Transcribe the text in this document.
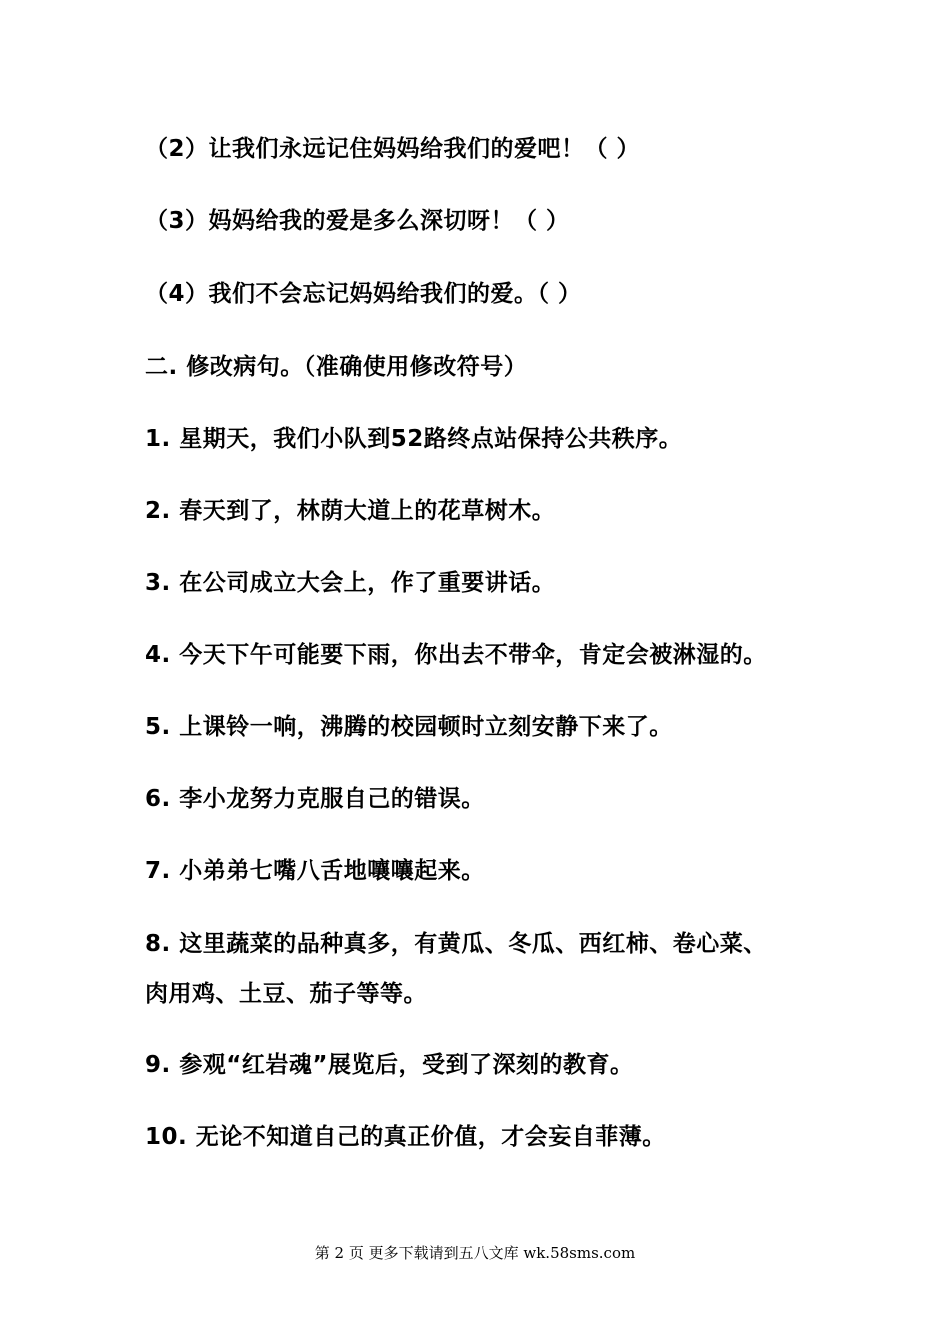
（2）让我们永远记住妈妈给我们的爱吧！（ ）
（3）妈妈给我的爱是多么深切呀！（ ）
（4）我们不会忘记妈妈给我们的爱。（ ）
二. 修改病句。（准确使用修改符号）
1. 星期天，我们小队到52路终点站保持公共秩序。
2. 春天到了，林荫大道上的花草树木。
3. 在公司成立大会上，作了重要讲话。
4. 今天下午可能要下雨，你出去不带伞，肯定会被淋湿的。
5. 上课铃一响，沸腾的校园顿时立刻安静下来了。
6. 李小龙努力克服自己的错误。
7. 小弟弟七嘴八舌地嚷嚷起来。
8. 这里蔬菜的品种真多，有黄瓜、冬瓜、西红柿、卷心菜、
肉用鸡、土豆、茄子等等。
9. 参观“红岩魂”展览后，受到了深刻的教育。
10. 无论不知道自己的真正价值，才会妄自菲薄。
第 2 页 更多下载请到五八文库 wk.58sms.com
